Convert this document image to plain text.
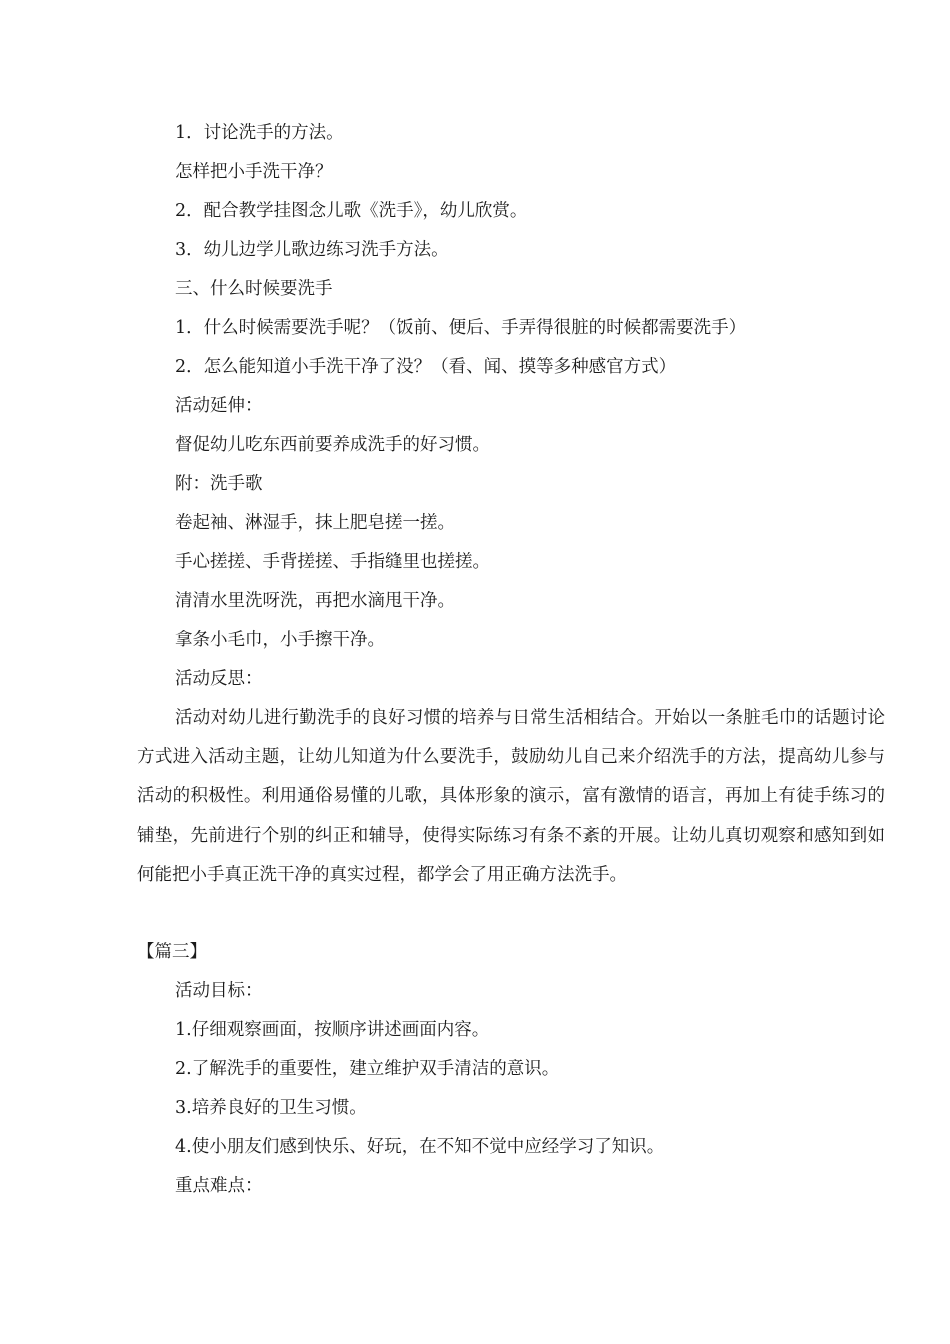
1．讨论洗手的方法。
怎样把小手洗干净？
2．配合教学挂图念儿歌《洗手》，幼儿欣赏。
3．幼儿边学儿歌边练习洗手方法。
三、什么时候要洗手
1．什么时候需要洗手呢？（饭前、便后、手弄得很脏的时候都需要洗手）
2．怎么能知道小手洗干净了没？（看、闻、摸等多种感官方式）
活动延伸：
督促幼儿吃东西前要养成洗手的好习惯。
附：洗手歌
卷起袖、淋湿手，抹上肥皂搓一搓。
手心搓搓、手背搓搓、手指缝里也搓搓。
清清水里洗呀洗，再把水滴甩干净。
拿条小毛巾，小手擦干净。
活动反思：
活动对幼儿进行勤洗手的良好习惯的培养与日常生活相结合。开始以一条脏毛巾的话题讨论方式进入活动主题，让幼儿知道为什么要洗手，鼓励幼儿自己来介绍洗手的方法，提高幼儿参与活动的积极性。利用通俗易懂的儿歌，具体形象的演示，富有激情的语言，再加上有徒手练习的铺垫，先前进行个别的纠正和辅导，使得实际练习有条不紊的开展。让幼儿真切观察和感知到如何能把小手真正洗干净的真实过程，都学会了用正确方法洗手。
【篇三】
活动目标：
1.仔细观察画面，按顺序讲述画面内容。
2.了解洗手的重要性，建立维护双手清洁的意识。
3.培养良好的卫生习惯。
4.使小朋友们感到快乐、好玩，在不知不觉中应经学习了知识。
重点难点：
